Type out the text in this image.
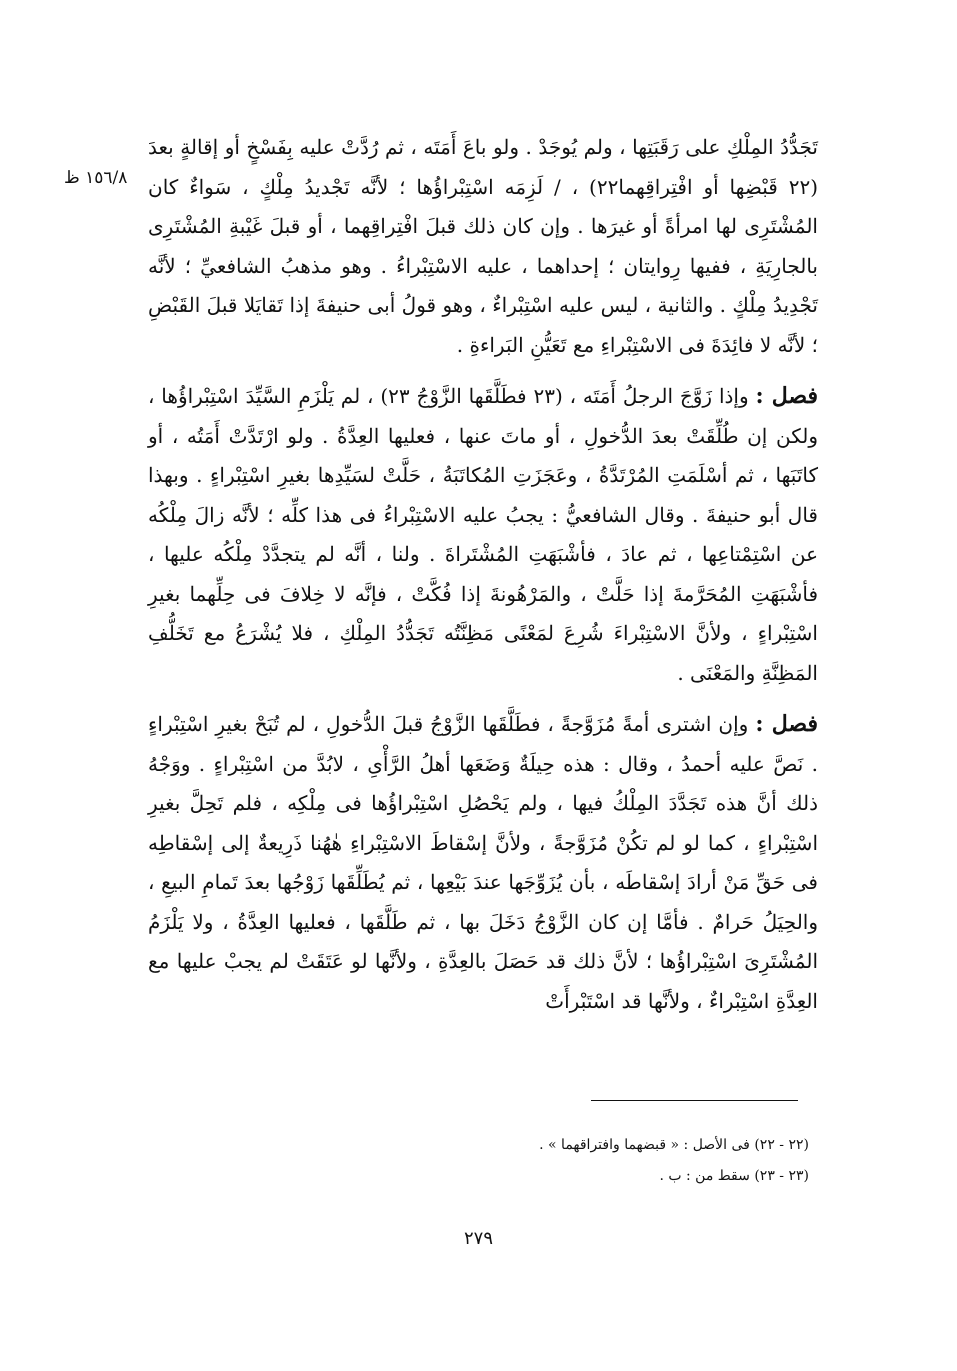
١٥٦/٨ ظ

تَجَدُّدُ المِلْكِ على رَقَبَتِها ، ولم يُوجَدْ . ولو باعَ أَمَتَه ، ثم رُدَّتْ عليه بِفَسْخٍ أو إقالةٍ بعدَ (٢٢ قَبْضِها أو افْتِراقِهما٢٢) ، / لَزِمَه اسْتِبْراؤُها ؛ لأنَّه تَجْديدُ مِلْكٍ ، سَواءٌ كان المُشْتَرِى لها امرأةً أو غيرَها . وإن كان ذلك قبلَ افْتِراقِهما ، أو قبلَ غَيْبةِ المُشْتَرِى بالجارِيَةِ ، ففيها رِوايتان ؛ إحداهما ، عليه الاسْتِبْراءُ . وهو مذهبُ الشافعيِّ ؛ لأنَّه تَجْدِيدُ مِلْكٍ . والثانية ، ليس عليه اسْتِبْراءٌ ، وهو قولُ أبى حنيفةَ إذا تَقايَلا قبلَ القَبْضِ ؛ لأنَّه لا فائِدَةَ فى الاسْتِبْراءِ مع تَعَيُّنِ البَراءةِ .

فصل : وإذا زَوَّجَ الرجلُ أَمَتَه ، (٢٣ فطَلَّقَها الزَّوْجُ ٢٣) ، لم يَلْزَمِ السَّيِّدَ اسْتِبْراؤُها ، ولكن إن طُلِّقَتْ بعدَ الدُّخولِ ، أو ماتَ عنها ، فعليها العِدَّةُ . ولو ارْتَدَّتْ أَمَتُه ، أو كاتَبَها ، ثم أسْلَمَتِ المُرْتَدَّةُ ، وعَجَزَتِ المُكاتَبَةُ ، حَلَّتْ لسَيِّدِها بغيرِ اسْتِبْراءٍ . وبهذا قال أبو حنيفةَ . وقال الشافعيُّ : يجبُ عليه الاسْتِبْراءُ فى هذا كلِّه ؛ لأنَّه زالَ مِلْكُه عن اسْتِمْتاعِها ، ثم عادَ ، فأشْبَهَتِ المُشْتَراةَ . ولنا ، أنَّه لم يتجدَّدْ مِلْكُه عليها ، فأشْبَهَتِ المُحَرَّمةَ إذا حَلَّتْ ، والمَرْهُونةَ إذا فُكَّتْ ، فإنَّه لا خِلافَ فى حِلِّهما بغيرِ اسْتِبْراءٍ ، ولأنَّ الاسْتِبْراءَ شُرِعَ لمَعْنًى مَظِنَّتُه تَجَدُّدُ المِلْكِ ، فلا يُشْرَعُ مع تَخَلُّفِ المَظِنَّةِ والمَعْنَى .

فصل : وإن اشترى أمةً مُزَوَّجةً ، فطَلَّقَها الزَّوْجُ قبلَ الدُّخولِ ، لم تُبَحْ بغيرِ اسْتِبْراءٍ . نَصَّ عليه أحمدُ ، وقال : هذه حِيلَةٌ وَضَعَها أهلُ الرَّأْىِ ، لابُدَّ من اسْتِبْراءٍ . ووَجْهُ ذلك أنَّ هذه تَجَدَّدَ المِلْكُ فيها ، ولم يَحْصُلِ اسْتِبْراؤُها فى مِلْكِه ، فلم تَحِلَّ بغيرِ اسْتِبْراءٍ ، كما لو لم تكُنْ مُزَوَّجةً ، ولأنَّ إسْقاطَ الاسْتِبْراءِ هٰهُنا ذَرِيعةٌ إلى إسْقاطِه فى حَقِّ مَنْ أرادَ إسْقاطَه ، بأن يُزَوِّجَها عندَ بَيْعِها ، ثم يُطَلِّقَها زَوْجُها بعدَ تَمامِ البيعِ ، والحِيَلُ حَرامٌ . فأمَّا إن كان الزَّوْجُ دَخَلَ بها ، ثم طَلَّقَها ، فعليها العِدَّةُ ، ولا يَلْزَمُ المُشْتَرِىَ اسْتِبْراؤُها ؛ لأنَّ ذلك قد حَصَلَ بالعِدَّةِ ، ولأنَّها لو عَتَقَتْ لم يجبْ عليها مع العِدَّةِ اسْتِبْراءٌ ، ولأنَّها قد اسْتَبْرأَتْ

(٢٢ - ٢٢) فى الأصل : « قبضهما وافتراقهما » .

(٢٣ - ٢٣) سقط من : ب .

٢٧٩
